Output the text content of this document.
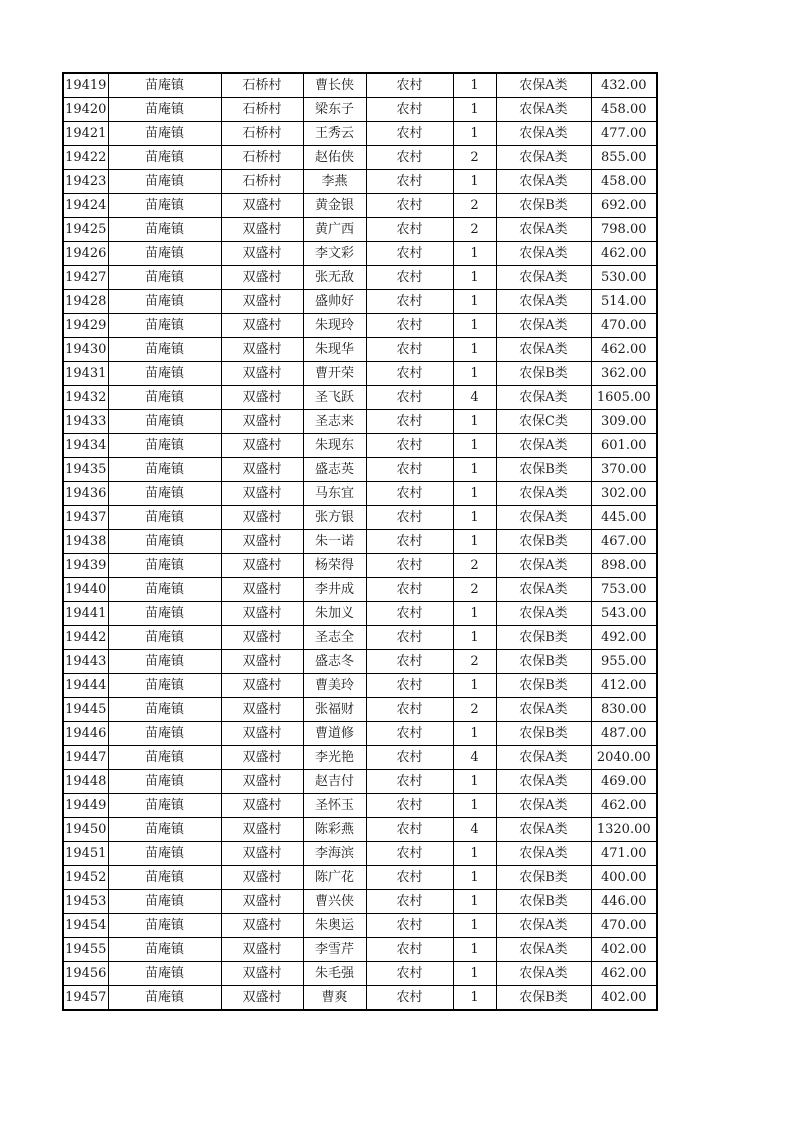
19419	苗庵镇	石桥村	曹长侠	农村	1	农保A类	432.00
19420	苗庵镇	石桥村	梁东子	农村	1	农保A类	458.00
19421	苗庵镇	石桥村	王秀云	农村	1	农保A类	477.00
19422	苗庵镇	石桥村	赵佑侠	农村	2	农保A类	855.00
19423	苗庵镇	石桥村	李燕	农村	1	农保A类	458.00
19424	苗庵镇	双盛村	黄金银	农村	2	农保B类	692.00
19425	苗庵镇	双盛村	黄广西	农村	2	农保A类	798.00
19426	苗庵镇	双盛村	李文彩	农村	1	农保A类	462.00
19427	苗庵镇	双盛村	张无敌	农村	1	农保A类	530.00
19428	苗庵镇	双盛村	盛帅好	农村	1	农保A类	514.00
19429	苗庵镇	双盛村	朱现玲	农村	1	农保A类	470.00
19430	苗庵镇	双盛村	朱现华	农村	1	农保A类	462.00
19431	苗庵镇	双盛村	曹开荣	农村	1	农保B类	362.00
19432	苗庵镇	双盛村	圣飞跃	农村	4	农保A类	1605.00
19433	苗庵镇	双盛村	圣志来	农村	1	农保C类	309.00
19434	苗庵镇	双盛村	朱现东	农村	1	农保A类	601.00
19435	苗庵镇	双盛村	盛志英	农村	1	农保B类	370.00
19436	苗庵镇	双盛村	马东宜	农村	1	农保A类	302.00
19437	苗庵镇	双盛村	张方银	农村	1	农保A类	445.00
19438	苗庵镇	双盛村	朱一诺	农村	1	农保B类	467.00
19439	苗庵镇	双盛村	杨荣得	农村	2	农保A类	898.00
19440	苗庵镇	双盛村	李井成	农村	2	农保A类	753.00
19441	苗庵镇	双盛村	朱加义	农村	1	农保A类	543.00
19442	苗庵镇	双盛村	圣志全	农村	1	农保B类	492.00
19443	苗庵镇	双盛村	盛志冬	农村	2	农保B类	955.00
19444	苗庵镇	双盛村	曹美玲	农村	1	农保B类	412.00
19445	苗庵镇	双盛村	张福财	农村	2	农保A类	830.00
19446	苗庵镇	双盛村	曹道修	农村	1	农保B类	487.00
19447	苗庵镇	双盛村	李光艳	农村	4	农保A类	2040.00
19448	苗庵镇	双盛村	赵吉付	农村	1	农保A类	469.00
19449	苗庵镇	双盛村	圣怀玉	农村	1	农保A类	462.00
19450	苗庵镇	双盛村	陈彩燕	农村	4	农保A类	1320.00
19451	苗庵镇	双盛村	李海滨	农村	1	农保A类	471.00
19452	苗庵镇	双盛村	陈广花	农村	1	农保B类	400.00
19453	苗庵镇	双盛村	曹兴侠	农村	1	农保B类	446.00
19454	苗庵镇	双盛村	朱奥运	农村	1	农保A类	470.00
19455	苗庵镇	双盛村	李雪芹	农村	1	农保A类	402.00
19456	苗庵镇	双盛村	朱毛强	农村	1	农保A类	462.00
19457	苗庵镇	双盛村	曹爽	农村	1	农保B类	402.00
